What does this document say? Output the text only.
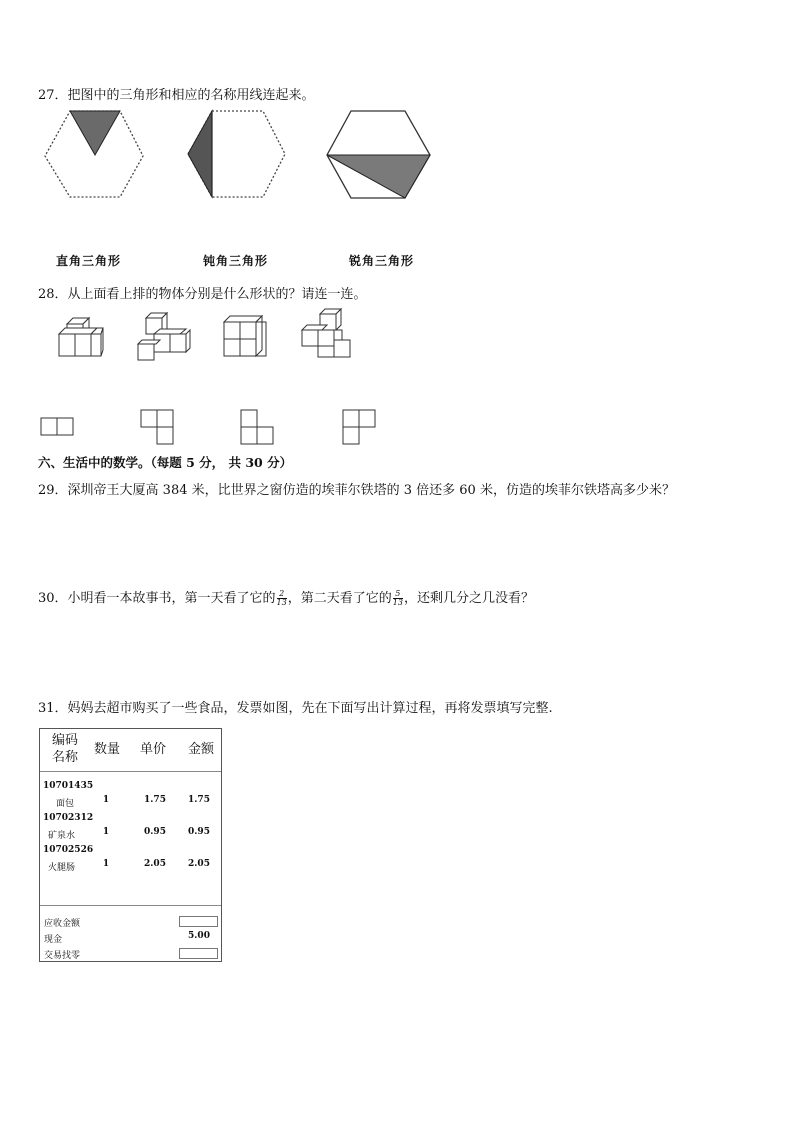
27．把图中的三角形和相应的名称用线连起来。
直角三角形	钝角三角形	锐角三角形
28．从上面看上排的物体分别是什么形状的？请连一连。
六、生活中的数学。（每题 5 分， 共 30 分）
29．深圳帝王大厦高 384 米，比世界之窗仿造的埃菲尔铁塔的 3 倍还多 60 米，仿造的埃菲尔铁塔高多少米？
30．小明看一本故事书，第一天看了它的 $\frac{2}{13}$ ，第二天看了它的 $\frac{5}{13}$ ，还剩几分之几没看？
31．妈妈去超市购买了一些食品，发票如图，先在下面写出计算过程，再将发票填写完整.
编码
名称
数量	单价	金额
10701435
面包	1	1.75 1.75
10702312
矿泉水	1	0.95 0.95
10702526
火腿肠	1	2.05 2.05
应收金额
现金	5.00
交易找零
